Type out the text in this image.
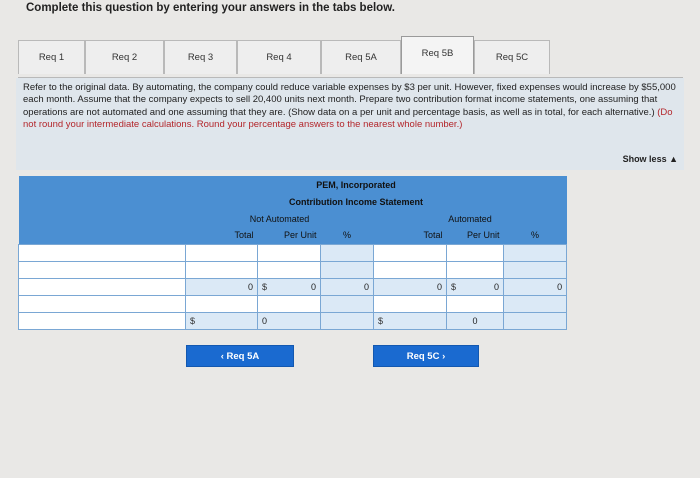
Complete this question by entering your answers in the tabs below.
Req 1	Req 2	Req 3	Req 4	Req 5A	Req 5B	Req 5C
Refer to the original data. By automating, the company could reduce variable expenses by $3 per unit. However, fixed expenses would increase by $55,000 each month. Assume that the company expects to sell 20,400 units next month. Prepare two contribution format income statements, one assuming that operations are not automated and one assuming that they are. (Show data on a per unit and percentage basis, as well as in total, for each alternative.) (Do not round your intermediate calculations. Round your percentage answers to the nearest whole number.)
Show less ▲
	PEM, Incorporated					
	Contribution Income Statement					
	Not Automated			Automated		
	Total	Per Unit	%	Total	Per Unit	%

	0	$ 0	0	0	$ 0	0

	$	0		$	0	
‹ Req 5A	Req 5C ›
